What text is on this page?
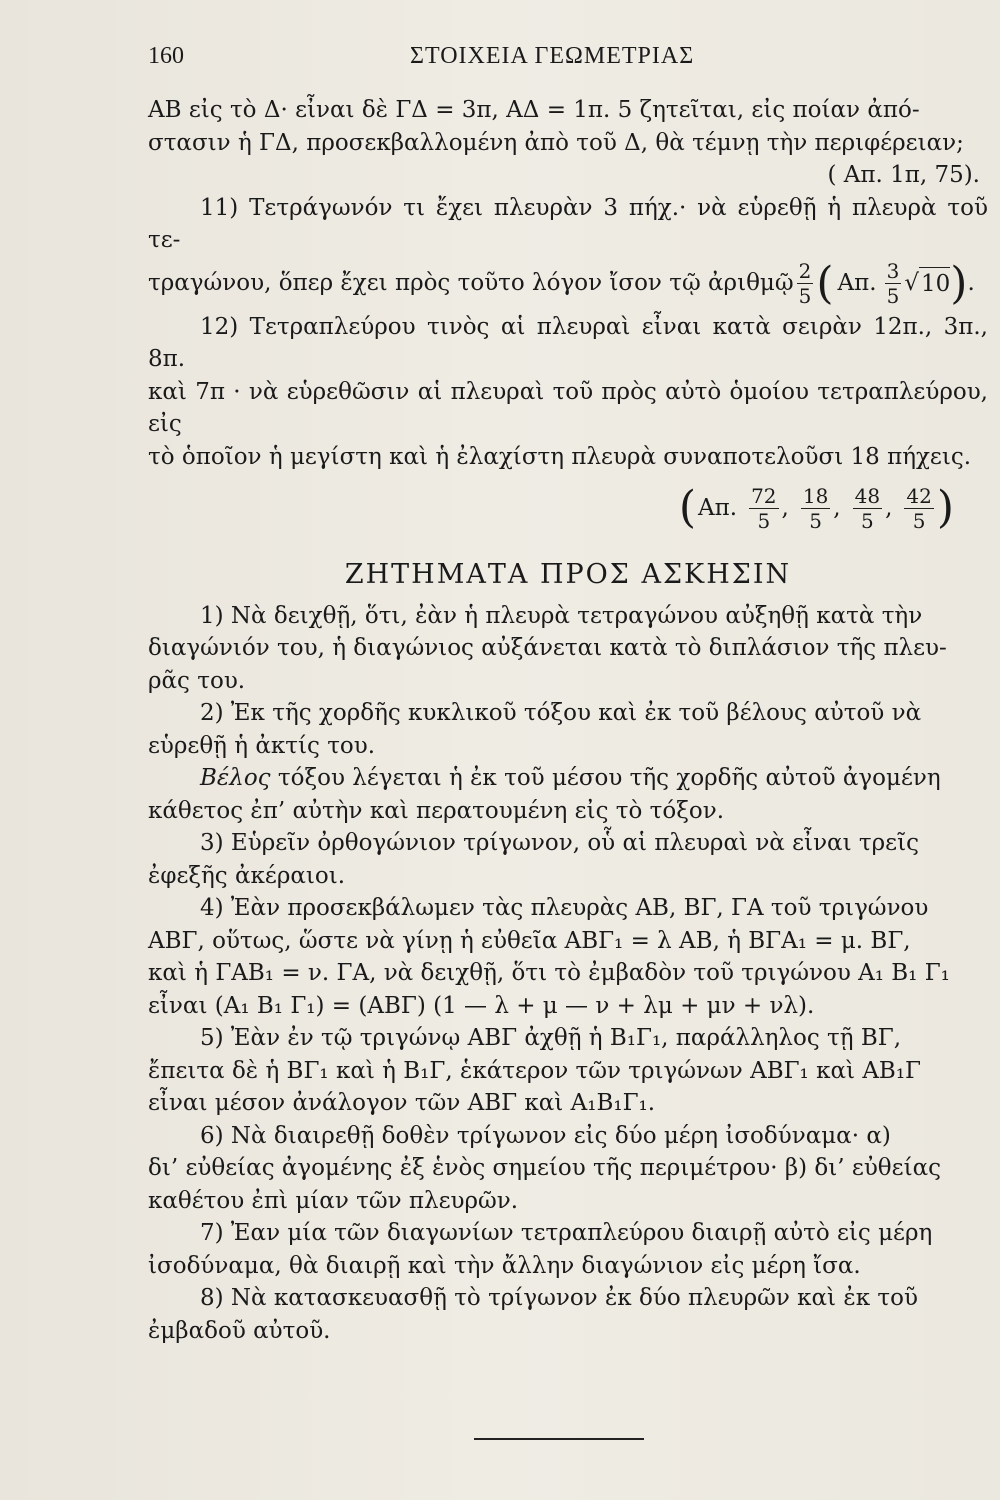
160	ΣΤΟΙΧΕΙΑ ΓΕΩΜΕΤΡΙΑΣ

ΑΒ εἰς τὸ Δ· εἶναι δὲ ΓΔ = 3π, ΑΔ = 1π. 5 ζητεῖται, εἰς ποίαν ἀπό-

στασιν ἡ ΓΔ, προσεκβαλλομένη ἀπὸ τοῦ Δ, θὰ τέμνῃ τὴν περιφέρειαν;

( Απ. 1π, 75).

11) Τετράγωνόν τι ἔχει πλευρὰν 3 πήχ.· νὰ εὑρεθῇ ἡ πλευρὰ τοῦ τε-

τραγώνου, ὅπερ ἔχει πρὸς τοῦτο λόγον ἴσον τῷ ἀριθμῷ $\frac{2}{5}$ ( Απ. $\frac{3}{5}$ √ 10 ) .

12) Τετραπλεύρου τινὸς αἱ πλευραὶ εἶναι κατὰ σειρὰν 12π., 3π., 8π.

καὶ 7π · νὰ εὑρεθῶσιν αἱ πλευραὶ τοῦ πρὸς αὐτὸ ὁμοίου τετραπλεύρου, εἰς

τὸ ὁποῖον ἡ μεγίστη καὶ ἡ ἐλαχίστη πλευρὰ συναποτελοῦσι 18 πήχεις.

( Απ. $\frac{72}{5}$ , $\frac{18}{5}$ , $\frac{48}{5}$ , $\frac{42}{5}$ )
ΖΗΤΗΜΑΤΑ ΠΡΟΣ ΑΣΚΗΣΙΝ

1) Νὰ δειχθῇ, ὅτι, ἐὰν ἡ πλευρὰ τετραγώνου αὐξηθῇ κατὰ τὴν

διαγώνιόν του, ἡ διαγώνιος αὐξάνεται κατὰ τὸ διπλάσιον τῆς πλευ-

ρᾶς του.

2) Ἐκ τῆς χορδῆς κυκλικοῦ τόξου καὶ ἐκ τοῦ βέλους αὐτοῦ νὰ

εὑρεθῇ ἡ ἀκτίς του.

Βέλος τόξου λέγεται ἡ ἐκ τοῦ μέσου τῆς χορδῆς αὐτοῦ ἀγομένη

κάθετος ἐπ’ αὐτὴν καὶ περατουμένη εἰς τὸ τόξον.

3) Εὑρεῖν ὀρθογώνιον τρίγωνον, οὗ αἱ πλευραὶ νὰ εἶναι τρεῖς

ἐφεξῆς ἀκέραιοι.

4) Ἐὰν προσεκβάλωμεν τὰς πλευρὰς ΑΒ, ΒΓ, ΓΑ τοῦ τριγώνου

ΑΒΓ, οὕτως, ὥστε νὰ γίνῃ ἡ εὐθεῖα ΑΒΓ₁ = λ ΑΒ, ἡ ΒΓΑ₁ = μ. ΒΓ,

καὶ ἡ ΓΑΒ₁ = ν. ΓΑ, νὰ δειχθῇ, ὅτι τὸ ἐμβαδὸν τοῦ τριγώνου Α₁ Β₁ Γ₁

εἶναι (Α₁ Β₁ Γ₁) = (ΑΒΓ) (1 — λ + μ — ν + λμ + μν + νλ).

5) Ἐὰν ἐν τῷ τριγώνῳ ΑΒΓ ἀχθῇ ἡ Β₁Γ₁, παράλληλος τῇ ΒΓ,

ἔπειτα δὲ ἡ ΒΓ₁ καὶ ἡ Β₁Γ, ἑκάτερον τῶν τριγώνων ΑΒΓ₁ καὶ ΑΒ₁Γ

εἶναι μέσον ἀνάλογον τῶν ΑΒΓ καὶ Α₁Β₁Γ₁.

6) Νὰ διαιρεθῇ δοθὲν τρίγωνον εἰς δύο μέρη ἰσοδύναμα· α)

δι’ εὐθείας ἀγομένης ἐξ ἑνὸς σημείου τῆς περιμέτρου· β) δι’ εὐθείας

καθέτου ἐπὶ μίαν τῶν πλευρῶν.

7) Ἐαν μία τῶν διαγωνίων τετραπλεύρου διαιρῇ αὐτὸ εἰς μέρη

ἰσοδύναμα, θὰ διαιρῇ καὶ τὴν ἄλλην διαγώνιον εἰς μέρη ἴσα.

8) Νὰ κατασκευασθῇ τὸ τρίγωνον ἐκ δύο πλευρῶν καὶ ἐκ τοῦ

ἐμβαδοῦ αὐτοῦ.
